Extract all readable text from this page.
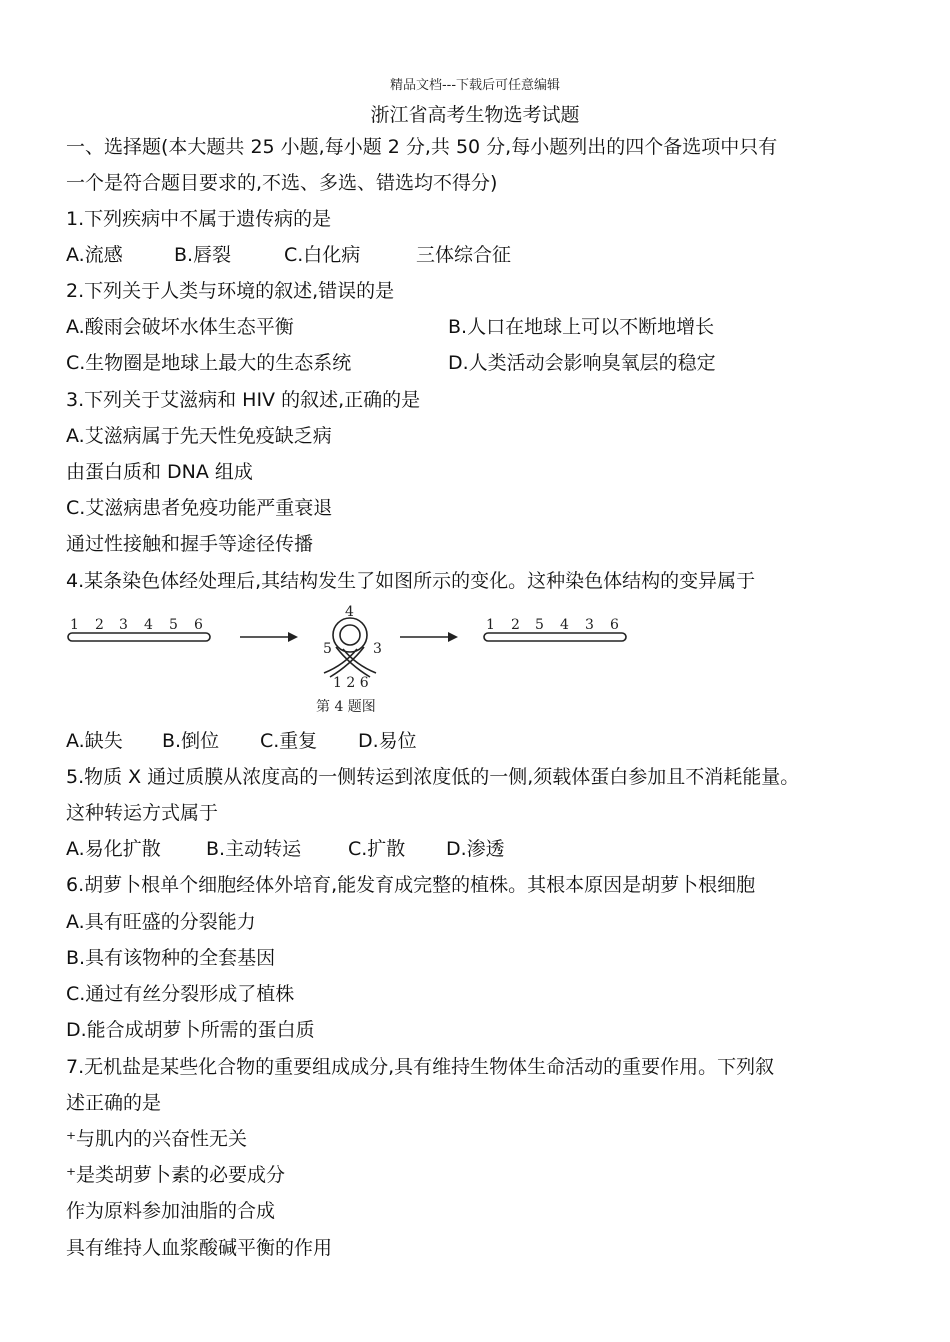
精品文档---下载后可任意编辑
浙江省高考生物选考试题
一、选择题(本大题共 25 小题,每小题 2 分,共 50 分,每小题列出的四个备选项中只有
一个是符合题目要求的,不选、多选、错选均不得分)
1.下列疾病中不属于遗传病的是
A.流感	B.唇裂	C.白化病	三体综合征
2.下列关于人类与环境的叙述,错误的是
A.酸雨会破坏水体生态平衡	B.人口在地球上可以不断地增长
C.生物圈是地球上最大的生态系统	D.人类活动会影响臭氧层的稳定
3.下列关于艾滋病和 HIV 的叙述,正确的是
A.艾滋病属于先天性免疫缺乏病
由蛋白质和 DNA 组成
C.艾滋病患者免疫功能严重衰退
通过性接触和握手等途径传播
4.某条染色体经处理后,其结构发生了如图所示的变化。这种染色体结构的变异属于
1 2 3 4 5 6
4
5	3
1 2 6
1 2 5 4 3 6
第 4 题图
A.缺失 B.倒位 C.重复 D.易位
5.物质 X 通过质膜从浓度高的一侧转运到浓度低的一侧,须载体蛋白参加且不消耗能量。
这种转运方式属于
A.易化扩散 B.主动转运 C.扩散 D.渗透
6.胡萝卜根单个细胞经体外培育,能发育成完整的植株。其根本原因是胡萝卜根细胞
A.具有旺盛的分裂能力
B.具有该物种的全套基因
C.通过有丝分裂形成了植株
D.能合成胡萝卜所需的蛋白质
7.无机盐是某些化合物的重要组成成分,具有维持生物体生命活动的重要作用。下列叙
述正确的是
⁺与肌内的兴奋性无关
⁺是类胡萝卜素的必要成分
作为原料参加油脂的合成
具有维持人血浆酸碱平衡的作用
